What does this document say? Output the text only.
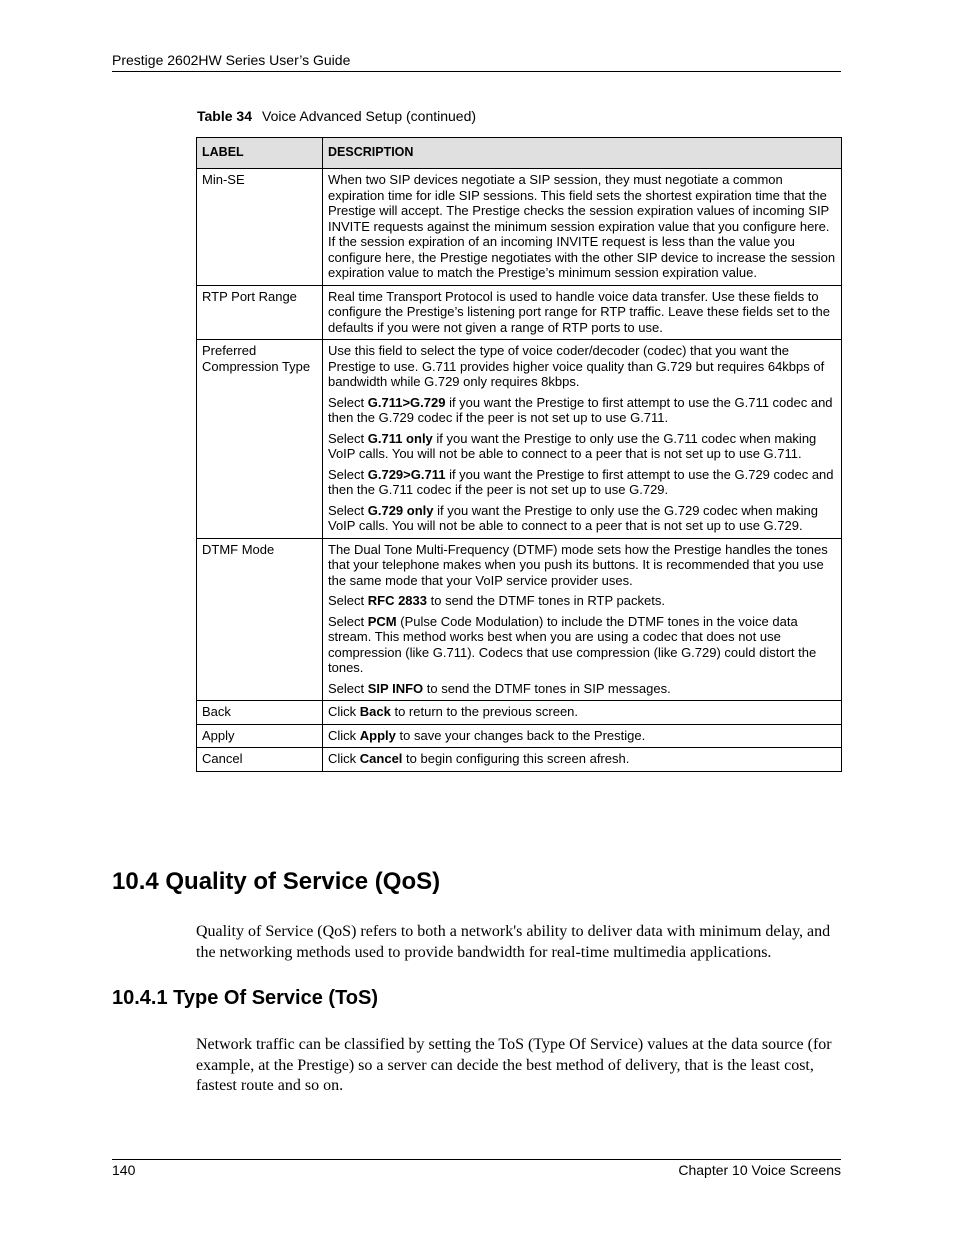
Prestige 2602HW Series User’s Guide
Table 34 Voice Advanced Setup (continued)
LABEL	DESCRIPTION
Min-SE	When two SIP devices negotiate a SIP session, they must negotiate a common expiration time for idle SIP sessions. This field sets the shortest expiration time that the Prestige will accept. The Prestige checks the session expiration values of incoming SIP INVITE requests against the minimum session expiration value that you configure here. If the session expiration of an incoming INVITE request is less than the value you configure here, the Prestige negotiates with the other SIP device to increase the session expiration value to match the Prestige’s minimum session expiration value.

RTP Port Range	Real time Transport Protocol is used to handle voice data transfer. Use these fields to configure the Prestige’s listening port range for RTP traffic. Leave these fields set to the defaults if you were not given a range of RTP ports to use.

Preferred Compression Type	Use this field to select the type of voice coder/decoder (codec) that you want the Prestige to use. G.711 provides higher voice quality than G.729 but requires 64kbps of bandwidth while G.729 only requires 8kbps.

Select G.711>G.729 if you want the Prestige to first attempt to use the G.711 codec and then the G.729 codec if the peer is not set up to use G.711.

Select G.711 only if you want the Prestige to only use the G.711 codec when making VoIP calls. You will not be able to connect to a peer that is not set up to use G.711.

Select G.729>G.711 if you want the Prestige to first attempt to use the G.729 codec and then the G.711 codec if the peer is not set up to use G.729.

Select G.729 only if you want the Prestige to only use the G.729 codec when making VoIP calls. You will not be able to connect to a peer that is not set up to use G.729.

DTMF Mode	The Dual Tone Multi-Frequency (DTMF) mode sets how the Prestige handles the tones that your telephone makes when you push its buttons. It is recommended that you use the same mode that your VoIP service provider uses.

Select RFC 2833 to send the DTMF tones in RTP packets.

Select PCM (Pulse Code Modulation) to include the DTMF tones in the voice data stream. This method works best when you are using a codec that does not use compression (like G.711). Codecs that use compression (like G.729) could distort the tones.

Select SIP INFO to send the DTMF tones in SIP messages.

Back	Click Back to return to the previous screen.

Apply	Click Apply to save your changes back to the Prestige.

Cancel	Click Cancel to begin configuring this screen afresh.

10.4 Quality of Service (QoS)
Quality of Service (QoS) refers to both a network's ability to deliver data with minimum delay, and the networking methods used to provide bandwidth for real-time multimedia applications.
10.4.1 Type Of Service (ToS)
Network traffic can be classified by setting the ToS (Type Of Service) values at the data source (for example, at the Prestige) so a server can decide the best method of delivery, that is the least cost, fastest route and so on.
140	Chapter 10 Voice Screens
